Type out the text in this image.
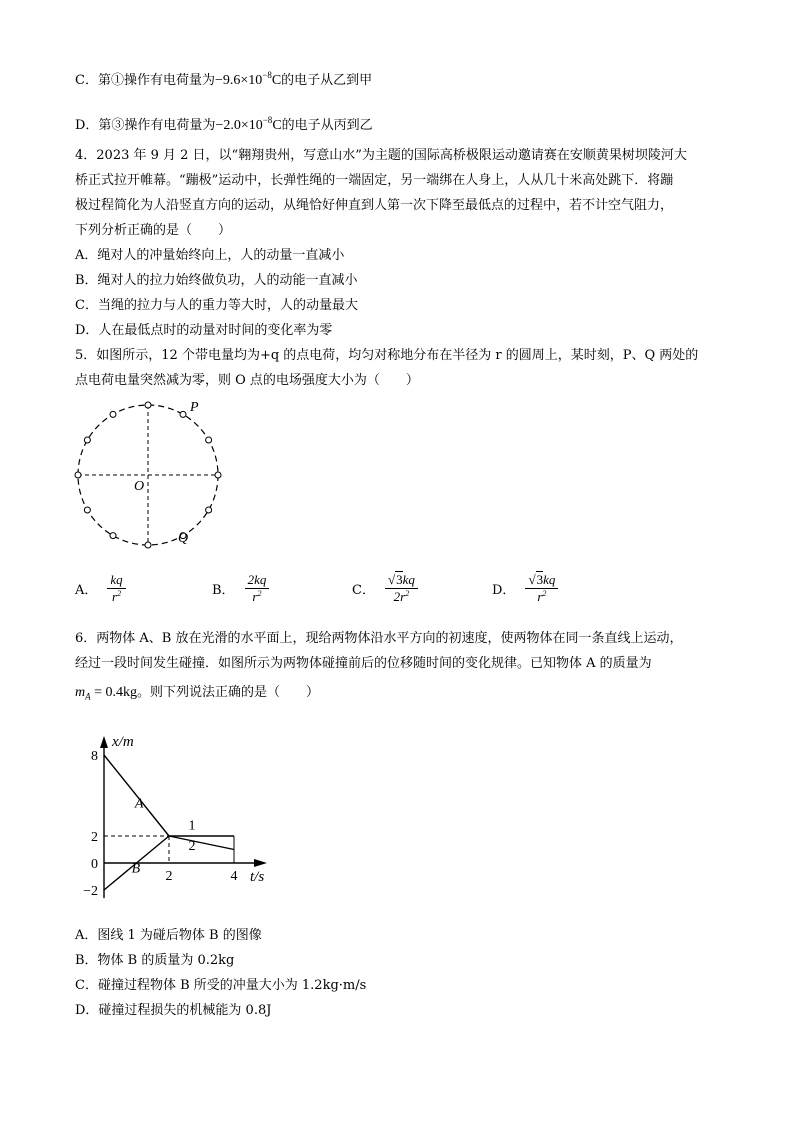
C．第①操作有电荷量为$-9.6\times 10^{-8}C$的电子从乙到甲
D．第③操作有电荷量为$-2.0\times 10^{-8}C$的电子从丙到乙
4．2023 年 9 月 2 日，以“翱翔贵州，写意山水”为主题的国际高桥极限运动邀请赛在安顺黄果树坝陵河大
桥正式拉开帷幕。“蹦极”运动中，长弹性绳的一端固定，另一端绑在人身上，人从几十米高处跳下．将蹦
极过程简化为人沿竖直方向的运动，从绳恰好伸直到人第一次下降至最低点的过程中，若不计空气阻力，
下列分析正确的是（　　）
A．绳对人的冲量始终向上，人的动量一直减小
B．绳对人的拉力始终做负功，人的动能一直减小
C．当绳的拉力与人的重力等大时，人的动量最大
D．人在最低点时的动量对时间的变化率为零
5．如图所示，12 个带电量均为+q 的点电荷，均匀对称地分布在半径为 r 的圆周上，某时刻，P、Q 两处的
点电荷电量突然减为零，则 O 点的电场强度大小为（　　）
P
O
Q
A． $\frac{kq}{r^2}$	B． $\frac{2kq}{r^2}$	C． $\frac{√3kq}{2r^2}$	D． $\frac{√3kq}{r^2}$
6．两物体 A、B 放在光滑的水平面上，现给两物体沿水平方向的初速度，使两物体在同一条直线上运动，
经过一段时间发生碰撞．如图所示为两物体碰撞前后的位移随时间的变化规律。已知物体 A 的质量为
$m_A = 0.4kg$。则下列说法正确的是（　　）
x/m
t/s
8
2
0
−2
2	4
A
B
1
2
A．图线 1 为碰后物体 B 的图像
B．物体 B 的质量为 0.2kg
C．碰撞过程物体 B 所受的冲量大小为 1.2kg·m/s
D．碰撞过程损失的机械能为 0.8J
